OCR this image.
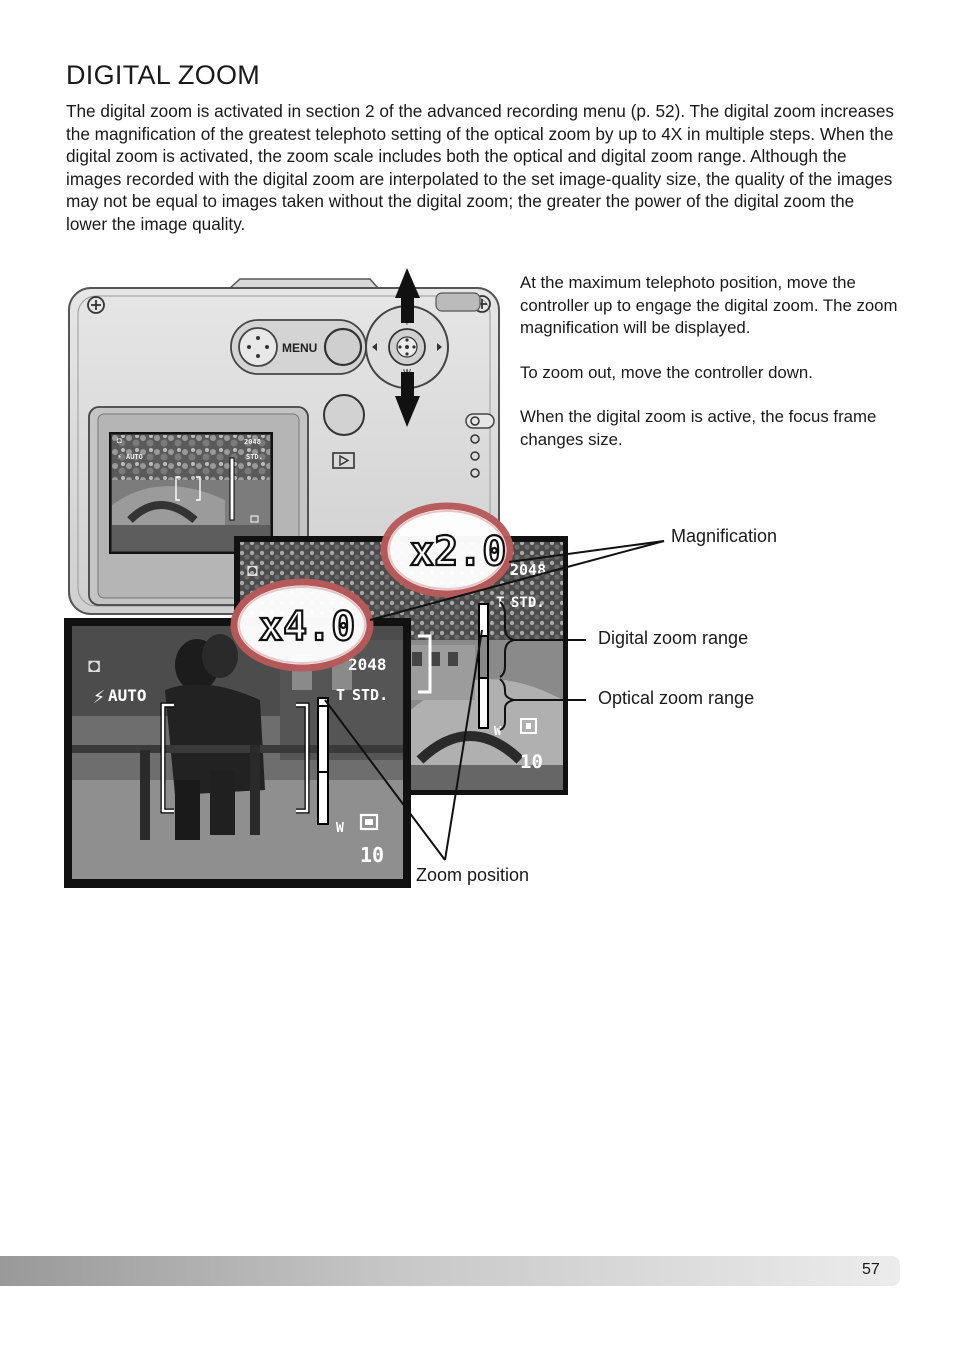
DIGITAL ZOOM

The digital zoom is activated in section 2 of the advanced recording menu (p. 52). The digital zoom increases the magnification of the greatest telephoto setting of the optical zoom by up to 4X in multiple steps. When the digital zoom is activated, the zoom scale includes both the optical and digital zoom range. Although the images recorded with the digital zoom are interpolated to the set image-quality size, the quality of the images may not be equal to images taken without the digital zoom; the greater the power of the digital zoom the lower the image quality.

At the maximum telephoto position, move the controller up to engage the digital zoom. The zoom magnification will be displayed.

To zoom out, move the controller down.

When the digital zoom is active, the focus frame changes size.

MENU
◘
⚡ AUTO
2048
STD.
◘	2048
T STD.
W
10
◘
⚡ AUTO
2048
T STD.
W
10
x2.0
x4.0
Magnification
Digital zoom range
Optical zoom range
Zoom position
57
